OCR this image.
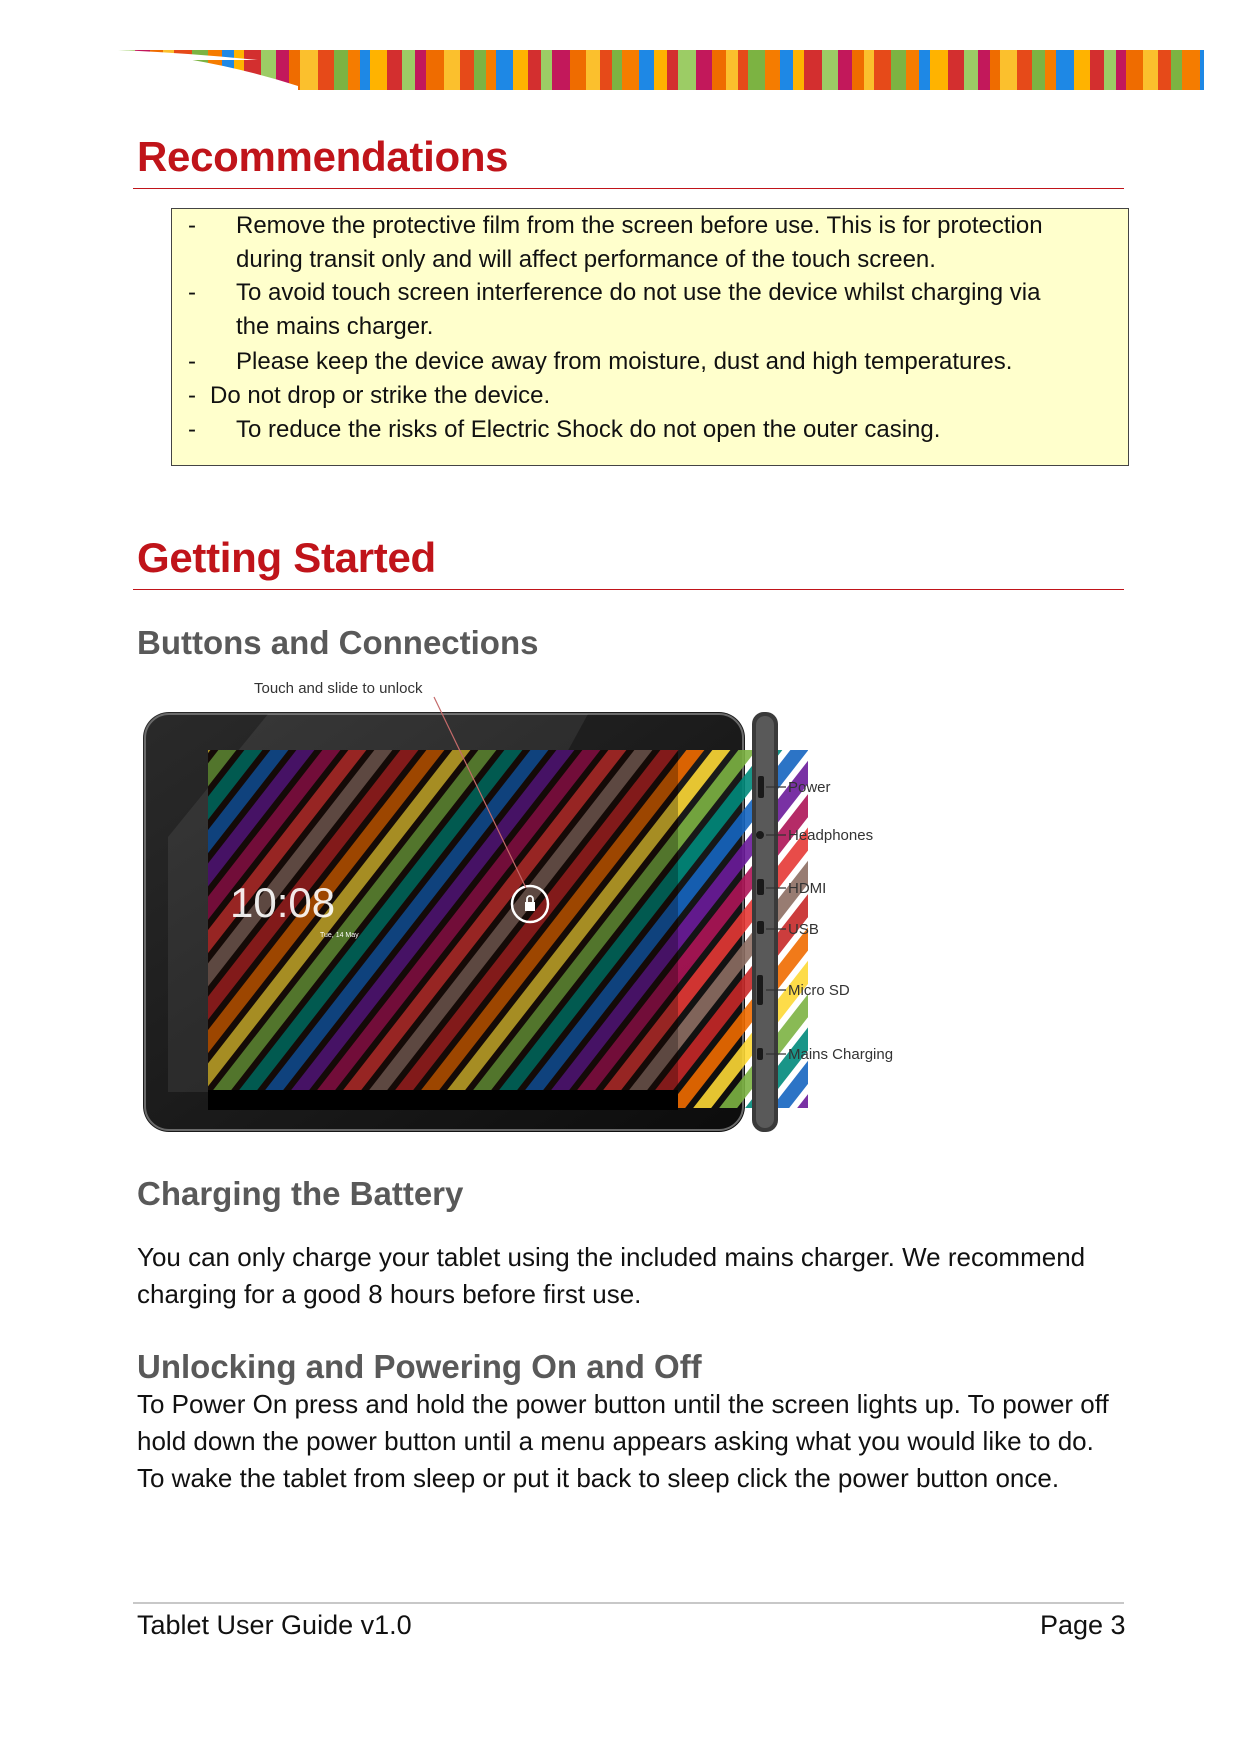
Recommendations
- Remove the protective film from the screen before use. This is for protection
during transit only and will affect performance of the touch screen.
- To avoid touch screen interference do not use the device whilst charging via
the mains charger.
- Please keep the device away from moisture, dust and high temperatures.
- Do not drop or strike the device.
- To reduce the risks of Electric Shock do not open the outer casing.
Getting Started
Buttons and Connections
Touch and slide to unlock
10:08
Tue, 14 May
Power
Headphones
HDMI
USB
Micro SD
Mains Charging
Charging the Battery

You can only charge your tablet using the included mains charger. We recommend charging for a good 8 hours before first use.

Unlocking and Powering On and Off

To Power On press and hold the power button until the screen lights up. To power off hold down the power button until a menu appears asking what you would like to do. To wake the tablet from sleep or put it back to sleep click the power button once.

Tablet User Guide v1.0	Page 3
